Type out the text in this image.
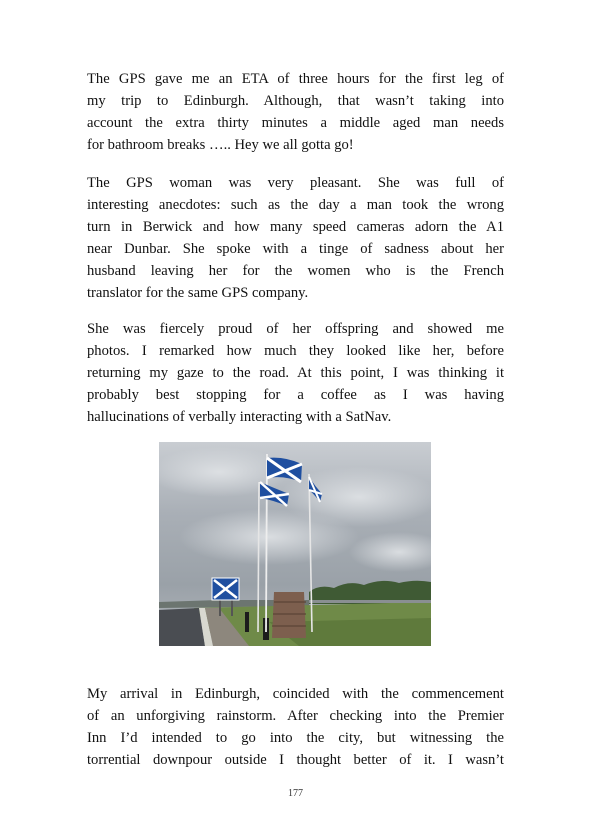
The GPS gave me an ETA of three hours for the first leg of
my trip to Edinburgh. Although, that wasn’t taking into
account the extra thirty minutes a middle aged man needs
for bathroom breaks ….. Hey we all gotta go!

The GPS woman was very pleasant. She was full of
interesting anecdotes: such as the day a man took the wrong
turn in Berwick and how many speed cameras adorn the A1
near Dunbar. She spoke with a tinge of sadness about her
husband leaving her for the women who is the French
translator for the same GPS company.

She was fiercely proud of her offspring and showed me
photos. I remarked how much they looked like her, before
returning my gaze to the road. At this point, I was thinking it
probably best stopping for a coffee as I was having
hallucinations of verbally interacting with a SatNav.

My arrival in Edinburgh, coincided with the commencement
of an unforgiving rainstorm. After checking into the Premier
Inn I’d intended to go into the city, but witnessing the
torrential downpour outside I thought better of it. I wasn’t

177
